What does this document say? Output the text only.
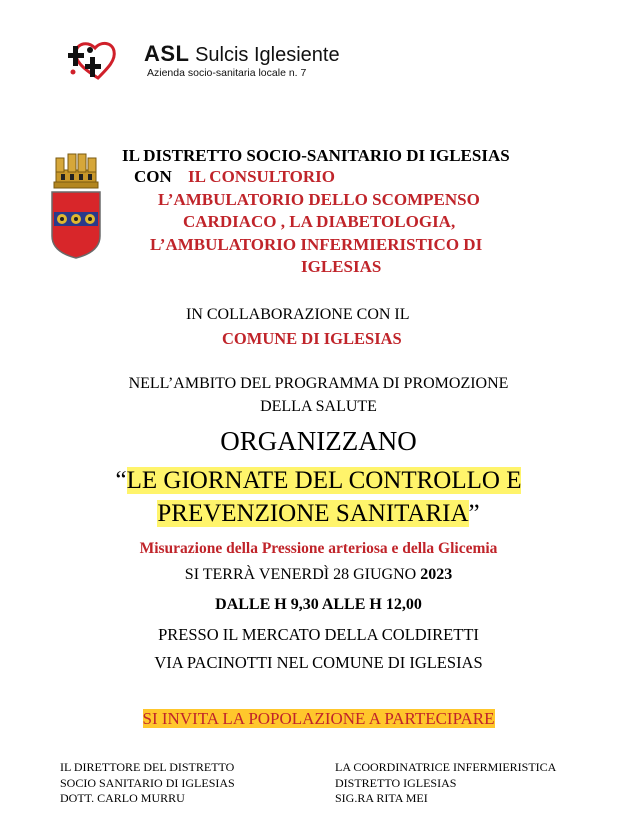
ASL Sulcis Iglesiente
Azienda socio-sanitaria locale n. 7
IL DISTRETTO SOCIO-SANITARIO DI IGLESIAS
CON IL CONSULTORIO
L’AMBULATORIO DELLO SCOMPENSO
CARDIACO , LA DIABETOLOGIA,
L’AMBULATORIO INFERMIERISTICO DI
IGLESIAS
IN COLLABORAZIONE CON IL
COMUNE DI IGLESIAS
NELL’AMBITO DEL PROGRAMMA DI PROMOZIONE
DELLA SALUTE
ORGANIZZANO
“LE GIORNATE DEL CONTROLLO E
PREVENZIONE SANITARIA”
Misurazione della Pressione arteriosa e della Glicemia
SI TERRÀ VENERDÌ 28 GIUGNO 2023
DALLE H 9,30 ALLE H 12,00
PRESSO IL MERCATO DELLA COLDIRETTI
VIA PACINOTTI NEL COMUNE DI IGLESIAS
SI INVITA LA POPOLAZIONE A PARTECIPARE
IL DIRETTORE DEL DISTRETTO
SOCIO SANITARIO DI IGLESIAS
DOTT. CARLO MURRU
LA COORDINATRICE INFERMIERISTICA
DISTRETTO IGLESIAS
SIG.RA RITA MEI
